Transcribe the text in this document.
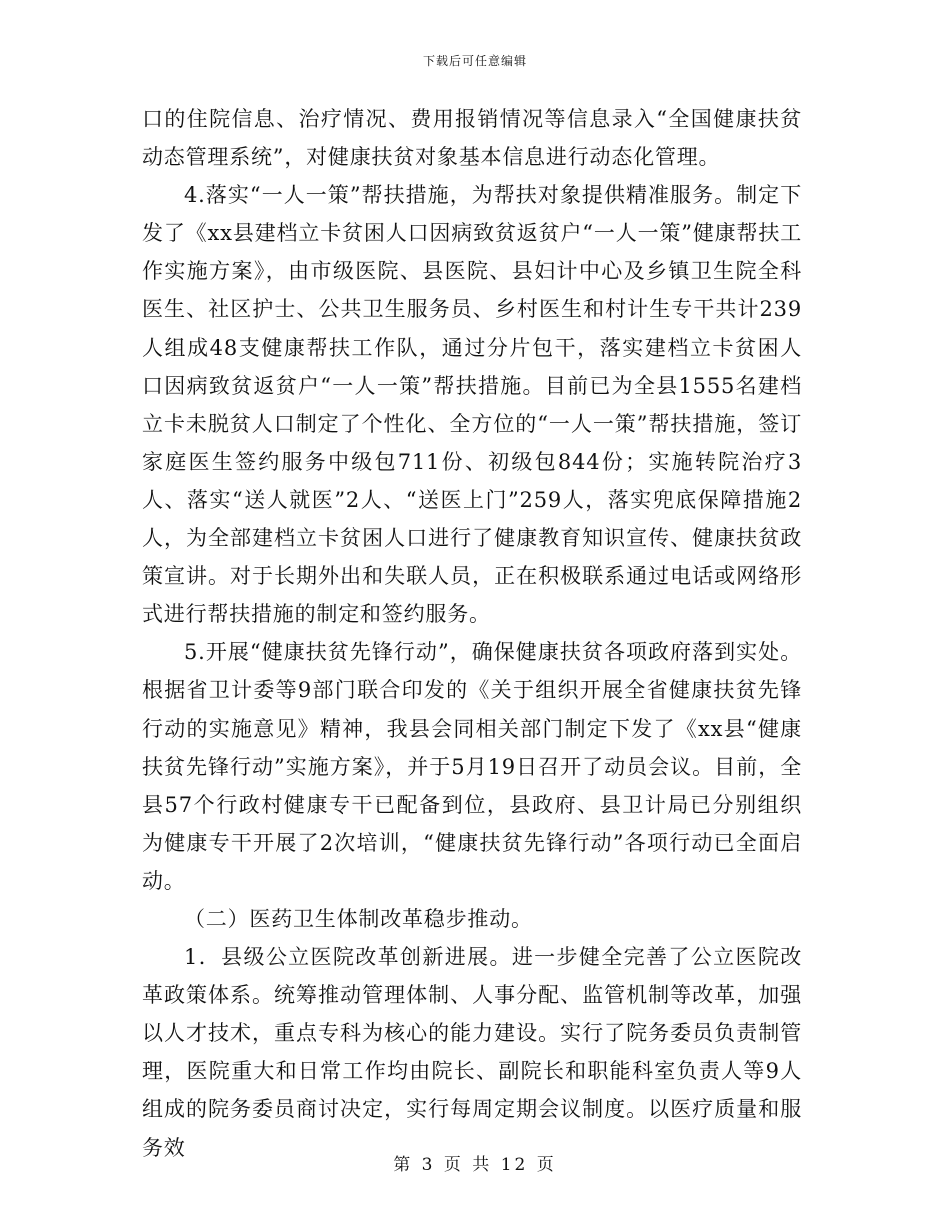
下载后可任意编辑

口的住院信息、治疗情况、费用报销情况等信息录入“全国健康扶贫动态管理系统”，对健康扶贫对象基本信息进行动态化管理。

4.落实“一人一策”帮扶措施，为帮扶对象提供精准服务。制定下发了《xx县建档立卡贫困人口因病致贫返贫户“一人一策”健康帮扶工作实施方案》，由市级医院、县医院、县妇计中心及乡镇卫生院全科医生、社区护士、公共卫生服务员、乡村医生和村计生专干共计239人组成48支健康帮扶工作队，通过分片包干，落实建档立卡贫困人口因病致贫返贫户“一人一策”帮扶措施。目前已为全县1555名建档立卡未脱贫人口制定了个性化、全方位的“一人一策”帮扶措施，签订家庭医生签约服务中级包711份、初级包844份；实施转院治疗3人、落实“送人就医”2人、“送医上门”259人，落实兜底保障措施2人，为全部建档立卡贫困人口进行了健康教育知识宣传、健康扶贫政策宣讲。对于长期外出和失联人员，正在积极联系通过电话或网络形式进行帮扶措施的制定和签约服务。

5.开展“健康扶贫先锋行动”，确保健康扶贫各项政府落到实处。根据省卫计委等9部门联合印发的《关于组织开展全省健康扶贫先锋行动的实施意见》精神，我县会同相关部门制定下发了《xx县“健康扶贫先锋行动”实施方案》，并于5月19日召开了动员会议。目前，全县57个行政村健康专干已配备到位，县政府、县卫计局已分别组织为健康专干开展了2次培训，“健康扶贫先锋行动”各项行动已全面启动。

（二）医药卫生体制改革稳步推动。

1．县级公立医院改革创新进展。进一步健全完善了公立医院改革政策体系。统筹推动管理体制、人事分配、监管机制等改革，加强以人才技术，重点专科为核心的能力建设。实行了院务委员负责制管理，医院重大和日常工作均由院长、副院长和职能科室负责人等9人组成的院务委员商讨决定，实行每周定期会议制度。以医疗质量和服务效

第 3 页 共 12 页
